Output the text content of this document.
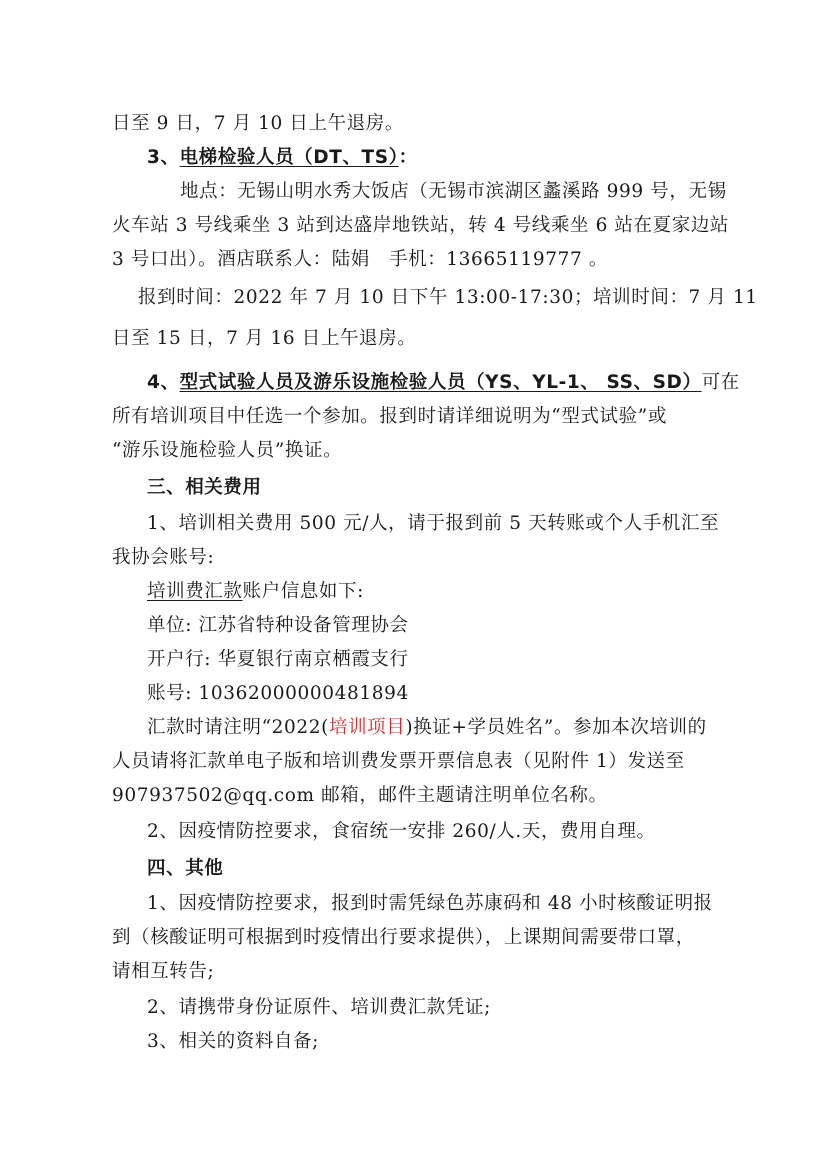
日至 9 日，7 月 10 日上午退房。
3、电梯检验人员（DT、TS）：
地点：无锡山明水秀大饭店（无锡市滨湖区蠡溪路 999 号，无锡
火车站 3 号线乘坐 3 站到达盛岸地铁站，转 4 号线乘坐 6 站在夏家边站
3 号口出）。酒店联系人：陆娟　手机：13665119777 。
报到时间：2022 年 7 月 10 日下午 13:00-17:30；培训时间：7 月 11
日至 15 日，7 月 16 日上午退房。
4、型式试验人员及游乐设施检验人员（YS、YL-1、 SS、SD）可在
所有培训项目中任选一个参加。报到时请详细说明为“型式试验”或
“游乐设施检验人员”换证。
三、相关费用
1、培训相关费用 500 元/人，请于报到前 5 天转账或个人手机汇至
我协会账号:
培训费汇款账户信息如下:
单位: 江苏省特种设备管理协会
开户行: 华夏银行南京栖霞支行
账号: 10362000000481894
汇款时请注明“2022(培训项目)换证+学员姓名”。参加本次培训的
人员请将汇款单电子版和培训费发票开票信息表（见附件 1）发送至
907937502@qq.com 邮箱，邮件主题请注明单位名称。
2、因疫情防控要求，食宿统一安排 260/人.天，费用自理。
四、其他
1、因疫情防控要求，报到时需凭绿色苏康码和 48 小时核酸证明报
到（核酸证明可根据到时疫情出行要求提供），上课期间需要带口罩，
请相互转告;
2、请携带身份证原件、培训费汇款凭证;
3、相关的资料自备;
